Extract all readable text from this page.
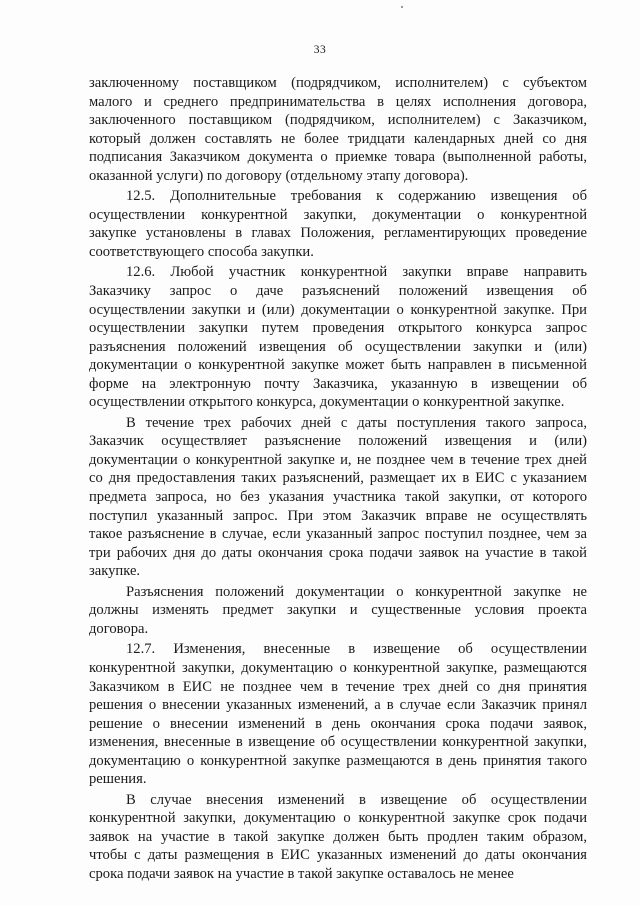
33
заключенному поставщиком (подрядчиком, исполнителем) с субъектом
малого и среднего предпринимательства в целях исполнения договора,
заключенного поставщиком (подрядчиком, исполнителем) с Заказчиком,
который должен составлять не более тридцати календарных дней со дня
подписания Заказчиком документа о приемке товара (выполненной работы,
оказанной услуги) по договору (отдельному этапу договора).
12.5. Дополнительные требования к содержанию извещения об
осуществлении конкурентной закупки, документации о конкурентной
закупке установлены в главах Положения, регламентирующих проведение
соответствующего способа закупки.
12.6. Любой участник конкурентной закупки вправе направить
Заказчику запрос о даче разъяснений положений извещения об
осуществлении закупки и (или) документации о конкурентной закупке. При
осуществлении закупки путем проведения открытого конкурса запрос
разъяснения положений извещения об осуществлении закупки и (или)
документации о конкурентной закупке может быть направлен в письменной
форме на электронную почту Заказчика, указанную в извещении об
осуществлении открытого конкурса, документации о конкурентной закупке.
В течение трех рабочих дней с даты поступления такого запроса,
Заказчик осуществляет разъяснение положений извещения и (или)
документации о конкурентной закупке и, не позднее чем в течение трех дней
со дня предоставления таких разъяснений, размещает их в ЕИС с указанием
предмета запроса, но без указания участника такой закупки, от которого
поступил указанный запрос. При этом Заказчик вправе не осуществлять
такое разъяснение в случае, если указанный запрос поступил позднее, чем за
три рабочих дня до даты окончания срока подачи заявок на участие в такой
закупке.
Разъяснения положений документации о конкурентной закупке не
должны изменять предмет закупки и существенные условия проекта
договора.
12.7. Изменения, внесенные в извещение об осуществлении
конкурентной закупки, документацию о конкурентной закупке, размещаются
Заказчиком в ЕИС не позднее чем в течение трех дней со дня принятия
решения о внесении указанных изменений, а в случае если Заказчик принял
решение о внесении изменений в день окончания срока подачи заявок,
изменения, внесенные в извещение об осуществлении конкурентной закупки,
документацию о конкурентной закупке размещаются в день принятия такого
решения.
В случае внесения изменений в извещение об осуществлении
конкурентной закупки, документацию о конкурентной закупке срок подачи
заявок на участие в такой закупке должен быть продлен таким образом,
чтобы с даты размещения в ЕИС указанных изменений до даты окончания
срока подачи заявок на участие в такой закупке оставалось не менее
